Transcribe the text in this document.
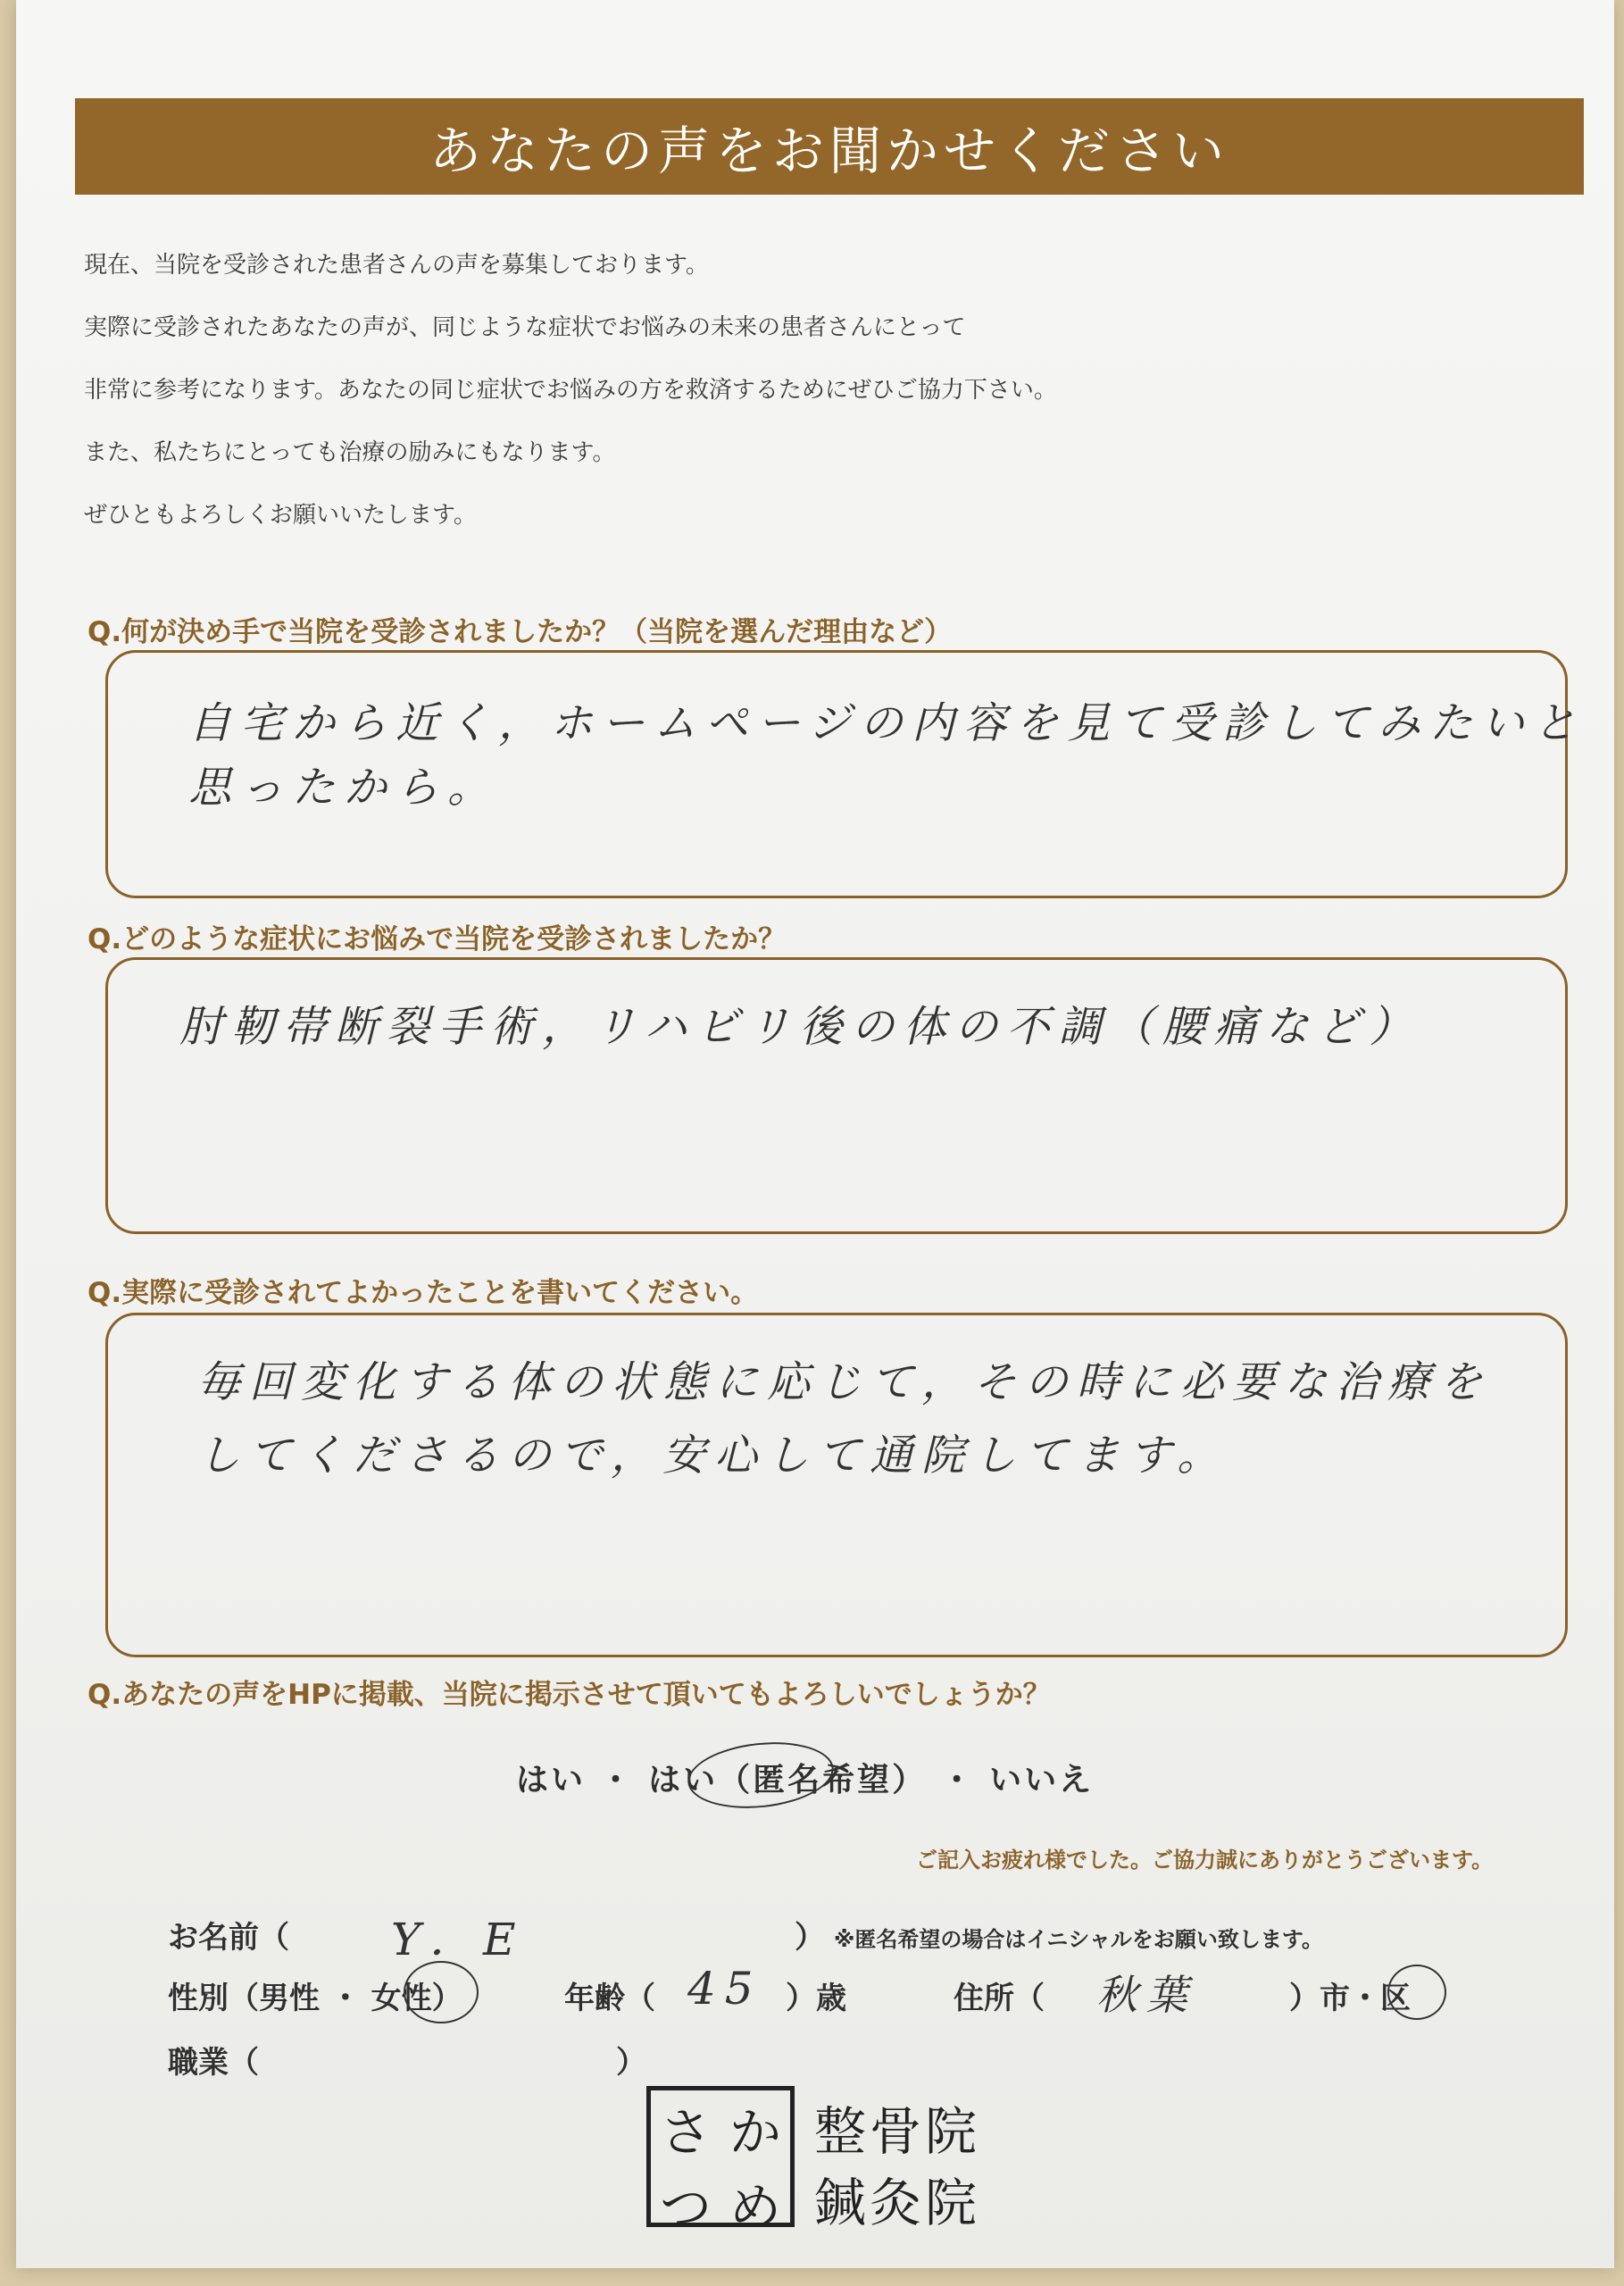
あなたの声をお聞かせください
現在、当院を受診された患者さんの声を募集しております。
実際に受診されたあなたの声が、同じような症状でお悩みの未来の患者さんにとって
非常に参考になります。あなたの同じ症状でお悩みの方を救済するためにぜひご協力下さい。
また、私たちにとっても治療の励みにもなります。
ぜひともよろしくお願いいたします。
Q.何が決め手で当院を受診されましたか？（当院を選んだ理由など）
自宅から近く，ホームページの内容を見て受診してみたいと
思ったから。
Q.どのような症状にお悩みで当院を受診されましたか？
肘靭帯断裂手術，リハビリ後の体の不調（腰痛など）
Q.実際に受診されてよかったことを書いてください。
毎回変化する体の状態に応じて，その時に必要な治療を
してくださるので，安心して通院してます。
Q.あなたの声をHPに掲載、当院に掲示させて頂いてもよろしいでしょうか？
はい ・ はい（匿名希望） ・ いいえ
ご記入お疲れ様でした。ご協力誠にありがとうございます。
お名前（ Y．E	） ※匿名希望の場合はイニシャルをお願い致します。
性別（男性 ・ 女性）	年齢（ 45 ）歳	住所（ 秋葉	）市・区
職業（	）
さ か
つ め
整骨院
鍼灸院
